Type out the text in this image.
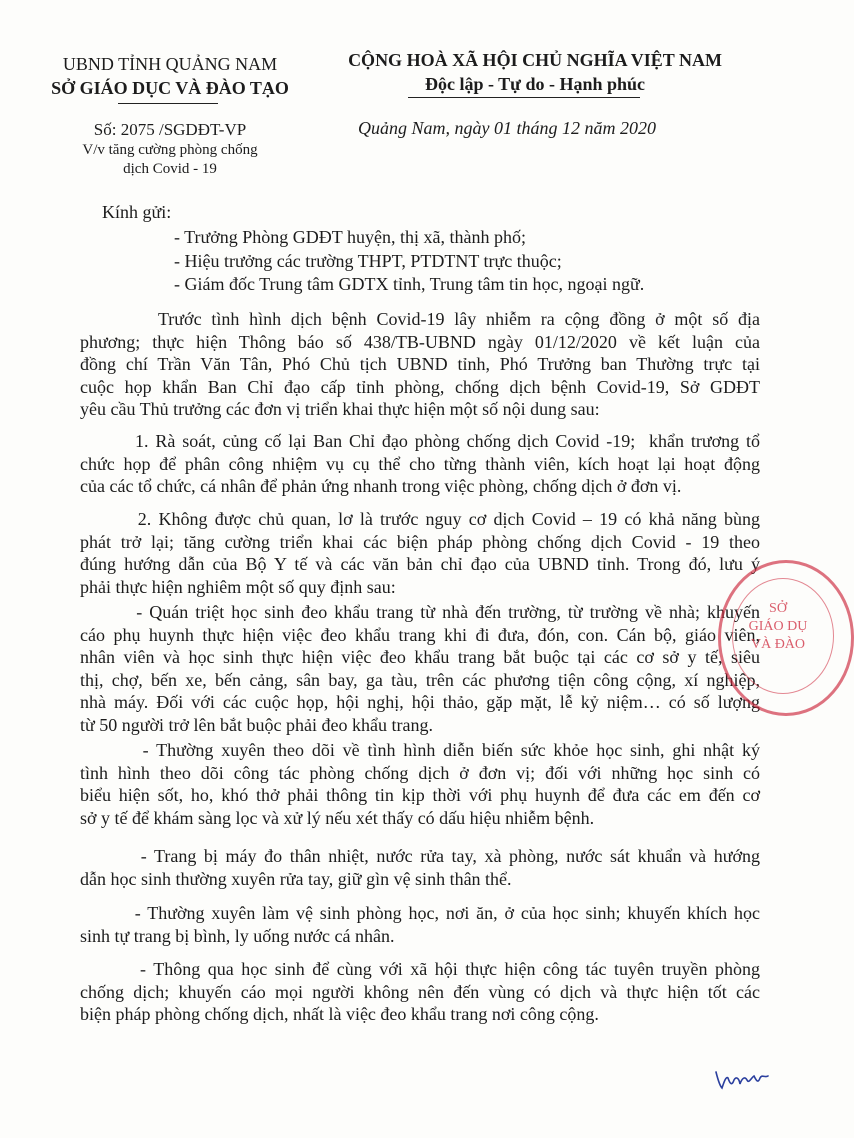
UBND TỈNH QUẢNG NAM
SỞ GIÁO DỤC VÀ ĐÀO TẠO
CỘNG HOÀ XÃ HỘI CHỦ NGHĨA VIỆT NAM
Độc lập - Tự do - Hạnh phúc
Số: 2075 /SGDĐT-VP
V/v tăng cường phòng chống
dịch Covid - 19
Quảng Nam, ngày 01 tháng 12 năm 2020
Kính gửi:
- Trưởng Phòng GDĐT huyện, thị xã, thành phố;
- Hiệu trưởng các trường THPT, PTDTNT trực thuộc;
- Giám đốc Trung tâm GDTX tỉnh, Trung tâm tin học, ngoại ngữ.
Trước tình hình dịch bệnh Covid-19 lây nhiễm ra cộng đồng ở một số địa
phương; thực hiện Thông báo số 438/TB-UBND ngày 01/12/2020 về kết luận của
đồng chí Trần Văn Tân, Phó Chủ tịch UBND tỉnh, Phó Trưởng ban Thường trực tại
cuộc họp khẩn Ban Chỉ đạo cấp tỉnh phòng, chống dịch bệnh Covid-19, Sở GDĐT
yêu cầu Thủ trưởng các đơn vị triển khai thực hiện một số nội dung sau:
1. Rà soát, củng cố lại Ban Chỉ đạo phòng chống dịch Covid -19;  khẩn trương tổ
chức họp để phân công nhiệm vụ cụ thể cho từng thành viên, kích hoạt lại hoạt động
của các tổ chức, cá nhân để phản ứng nhanh trong việc phòng, chống dịch ở đơn vị.
2. Không được chủ quan, lơ là trước nguy cơ dịch Covid – 19 có khả năng bùng
phát trở lại; tăng cường triển khai các biện pháp phòng chống dịch Covid - 19 theo
đúng hướng dẫn của Bộ Y tế và các văn bản chỉ đạo của UBND tỉnh. Trong đó, lưu ý
phải thực hiện nghiêm một số quy định sau:
- Quán triệt học sinh đeo khẩu trang từ nhà đến trường, từ trường về nhà; khuyến
cáo phụ huynh thực hiện việc đeo khẩu trang khi đi đưa, đón, con. Cán bộ, giáo viên,
nhân viên và học sinh thực hiện việc đeo khẩu trang bắt buộc tại các cơ sở y tế, siêu
thị, chợ, bến xe, bến cảng, sân bay, ga tàu, trên các phương tiện công cộng, xí nghiệp,
nhà máy. Đối với các cuộc họp, hội nghị, hội thảo, gặp mặt, lễ kỷ niệm… có số lượng
từ 50 người trở lên bắt buộc phải đeo khẩu trang.
- Thường xuyên theo dõi về tình hình diễn biến sức khỏe học sinh, ghi nhật ký
tình hình theo dõi công tác phòng chống dịch ở đơn vị; đối với những học sinh có
biểu hiện sốt, ho, khó thở phải thông tin kịp thời với phụ huynh để đưa các em đến cơ
sở y tế để khám sàng lọc và xử lý nếu xét thấy có dấu hiệu nhiễm bệnh.
- Trang bị máy đo thân nhiệt, nước rửa tay, xà phòng, nước sát khuẩn và hướng
dẫn học sinh thường xuyên rửa tay, giữ gìn vệ sinh thân thể.
- Thường xuyên làm vệ sinh phòng học, nơi ăn, ở của học sinh; khuyến khích học
sinh tự trang bị bình, ly uống nước cá nhân.
- Thông qua học sinh để cùng với xã hội thực hiện công tác tuyên truyền phòng
chống dịch; khuyến cáo mọi người không nên đến vùng có dịch và thực hiện tốt các
biện pháp phòng chống dịch, nhất là việc đeo khẩu trang nơi công cộng.
SỞ
GIÁO DỤ
VÀ ĐÀO
